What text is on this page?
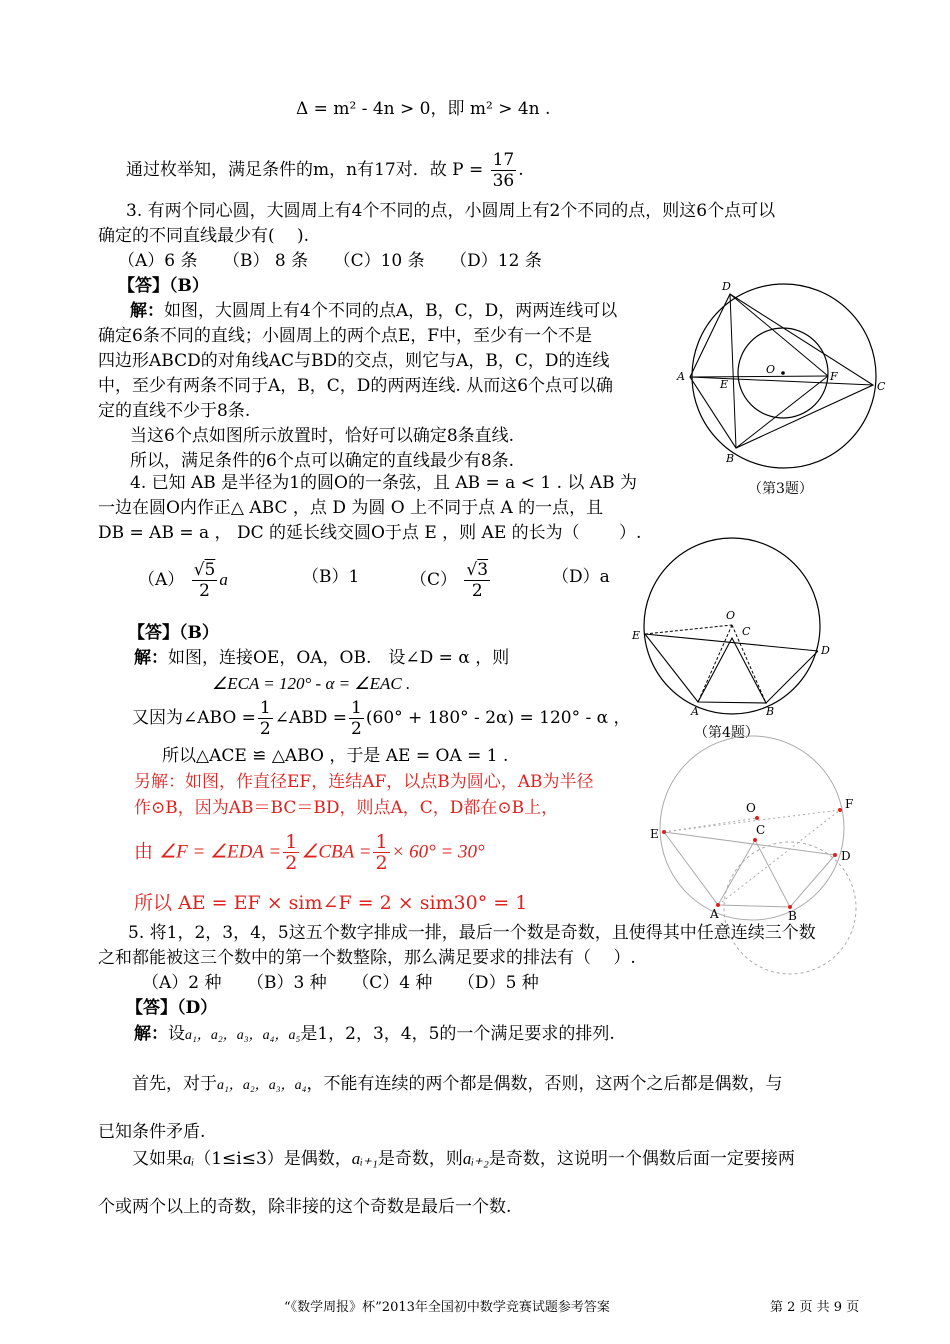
Δ = m² - 4n > 0，即 m² > 4n .
通过枚举知，满足条件的m，n有17对．故 $P = \frac{17}{36}$ .
3. 有两个同心圆，大圆周上有4个不同的点，小圆周上有2个不同的点，则这6个点可以
确定的不同直线最少有(　 ).
（A）6 条　　（B） 8 条　　（C）10 条　　（D）12 条
【答】（B）
解：如图，大圆周上有4个不同的点A，B，C，D，两两连线可以
确定6条不同的直线；小圆周上的两个点E，F中，至少有一个不是
四边形ABCD的对角线AC与BD的交点，则它与A，B，C，D的连线
中，至少有两条不同于A，B，C，D的两两连线. 从而这6个点可以确
定的直线不少于8条.
当这6个点如图所示放置时，恰好可以确定8条直线.
所以，满足条件的6个点可以确定的直线最少有8条.
D
A
E
O
F
C
B
（第3题）
4. 已知 AB 是半径为1的圆O的一条弦，且 AB = a < 1 . 以 AB 为
一边在圆O内作正△ ABC ，点 D 为圆 O 上不同于点 A 的一点，且
DB = AB = a ， DC 的延长线交圆O于点 E ，则 AE 的长为（　　 ）.
$(A) \frac{√5}{2}$ a	（B）1	$(C) \frac{√3}{2}$	（D）a
【答】（B）
解：如图，连接OE，OA，OB.　设∠D = α ，则
∠ECA = 120° - α = ∠EAC .
又因为∠ABO = $\frac{1}{2}$ ∠ABD = $\frac{1}{2} (60^\circ + 180^\circ - 2\alpha) = 120^\circ - \alpha$ ，
所以△ACE ≌ △ABO ，于是 AE = OA = 1 .
另解：如图，作直径EF，连结AF，以点B为圆心，AB为半径
作⊙B，因为AB＝BC＝BD，则点A，C，D都在⊙B上，
由 ∠F = ∠EDA = $\frac{1}{2}$ ∠CBA = $\frac{1}{2} \times 60^\circ = 30^\circ$
所以 AE = EF × sim∠F = 2 × sim30° = 1
O
C
E
D
A	B
（第4题）
O
C
E
F
D
A	B
5. 将1，2，3，4，5这五个数字排成一排，最后一个数是奇数，且使得其中任意连续三个数
之和都能被这三个数中的第一个数整除，那么满足要求的排法有（　 ）.
（A）2 种　　（B）3 种　　（C）4 种　　（D）5 种
【答】（D）
解：设a₁，a₂，a₃，a₄，a₅是1，2，3，4，5的一个满足要求的排列.
首先，对于a₁，a₂，a₃，a₄，不能有连续的两个都是偶数，否则，这两个之后都是偶数，与
已知条件矛盾.
又如果aᵢ（1≤i≤3）是偶数，aᵢ₊₁是奇数，则aᵢ₊₂是奇数，这说明一个偶数后面一定要接两
个或两个以上的奇数，除非接的这个奇数是最后一个数.
“《数学周报》杯”2013年全国初中数学竞赛试题参考答案	第 2 页 共 9 页
